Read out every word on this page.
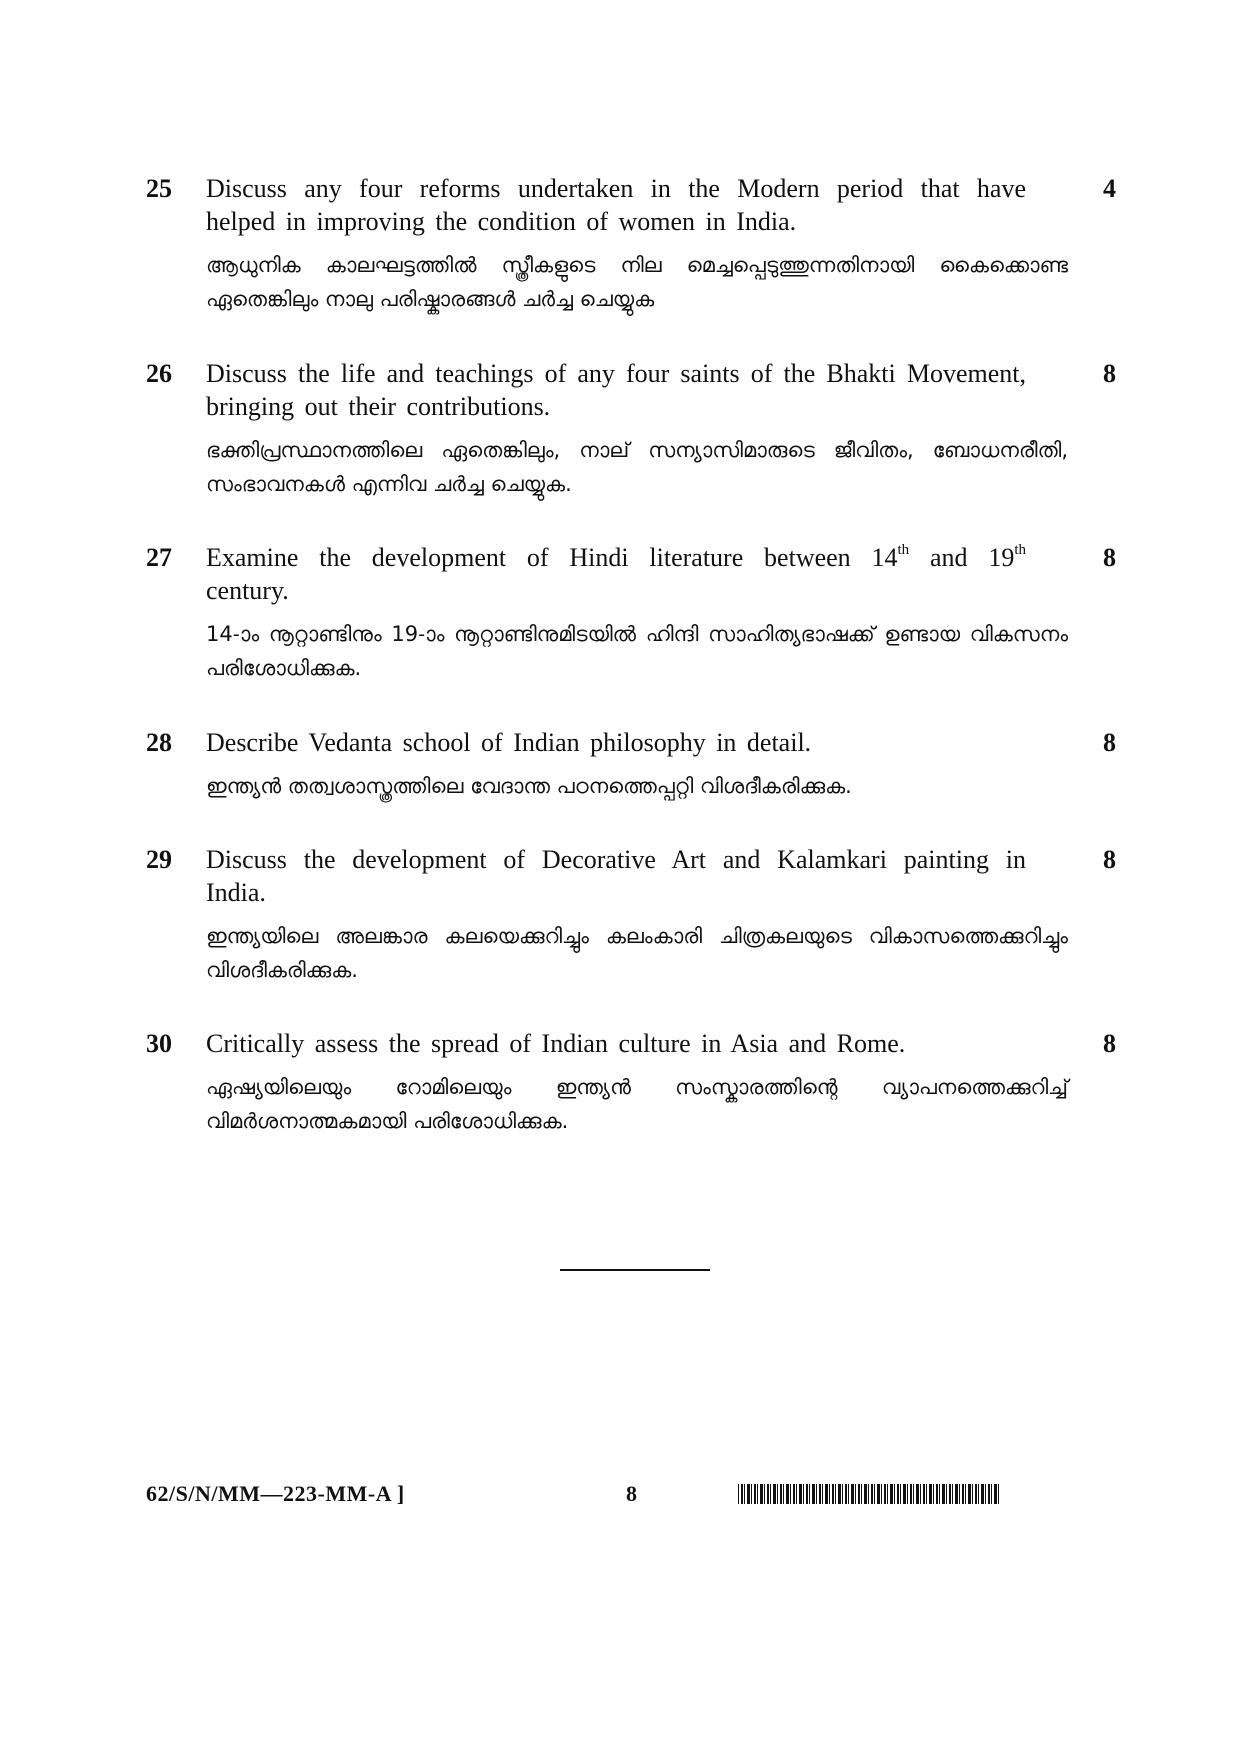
25 Discuss any four reforms undertaken in the Modern period that have helped in improving the condition of women in India.
ആധുനിക കാലഘട്ടത്തിൽ സ്ത്രീകളുടെ നില മെച്ചപ്പെടുത്തുന്നതിനായി കൈക്കൊണ്ട ഏതെങ്കിലും നാലു പരിഷ്കാരങ്ങൾ ചർച്ച ചെയ്യുക
4
26 Discuss the life and teachings of any four saints of the Bhakti Movement, bringing out their contributions.
ഭക്തിപ്രസ്ഥാനത്തിലെ ഏതെങ്കിലും, നാല് സന്യാസിമാരുടെ ജീവിതം, ബോധനരീതി, സംഭാവനകൾ എന്നിവ ചർച്ച ചെയ്യുക.
8
27 Examine the development of Hindi literature between 14th and 19th century.
14-ാം നൂറ്റാണ്ടിനും 19-ാം നൂറ്റാണ്ടിനുമിടയിൽ ഹിന്ദി സാഹിത്യഭാഷക്ക് ഉണ്ടായ വികസനം പരിശോധിക്കുക.
8
28 Describe Vedanta school of Indian philosophy in detail.
ഇന്ത്യൻ തത്വശാസ്ത്രത്തിലെ വേദാന്ത പഠനത്തെപ്പറ്റി വിശദീകരിക്കുക.
8
29 Discuss the development of Decorative Art and Kalamkari painting in India.
ഇന്ത്യയിലെ അലങ്കാര കലയെക്കുറിച്ചും കലംകാരി ചിത്രകലയുടെ വികാസത്തെക്കുറിച്ചും വിശദീകരിക്കുക.
8
30 Critically assess the spread of Indian culture in Asia and Rome.
ഏഷ്യയിലെയും റോമിലെയും ഇന്ത്യൻ സംസ്കാരത്തിന്റെ വ്യാപനത്തെക്കുറിച്ച് വിമർശനാത്മകമായി പരിശോധിക്കുക.
8
62/S/N/MM—223-MM-A ]	8
